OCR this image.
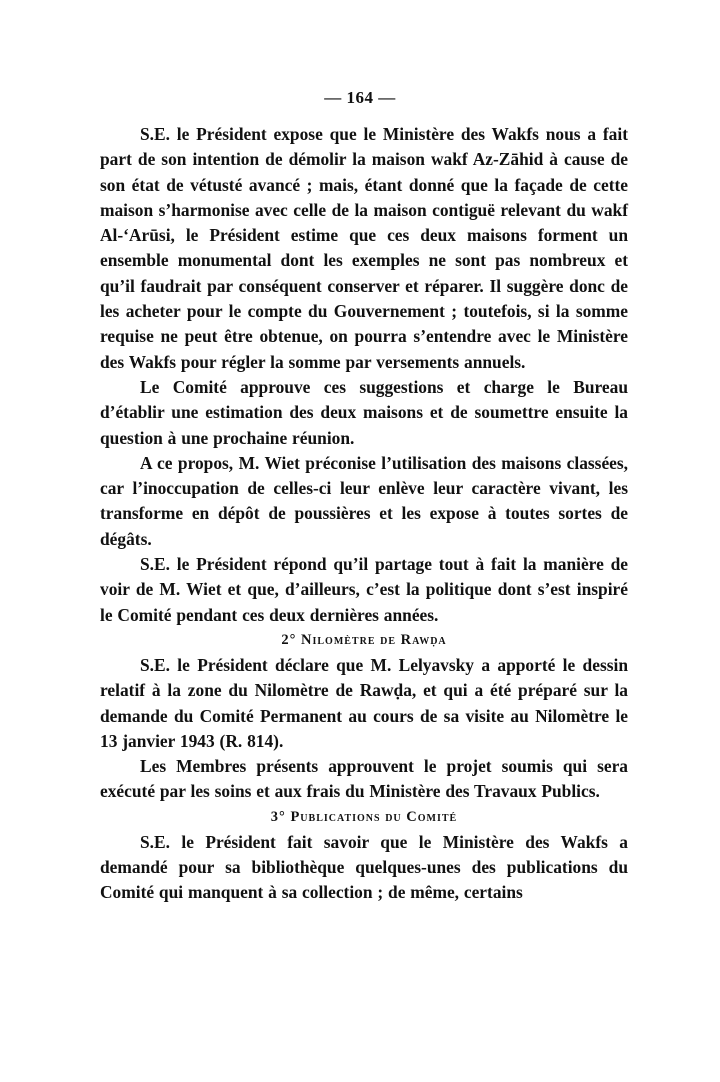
— 164 —

S.E. le Président expose que le Ministère des Wakfs nous a fait part de son intention de démolir la maison wakf Az-Zāhid à cause de son état de vétusté avancé ; mais, étant donné que la façade de cette maison s’harmonise avec celle de la maison contiguë relevant du wakf Al-‘Arūsi, le Président estime que ces deux maisons forment un ensemble monumental dont les exemples ne sont pas nombreux et qu’il faudrait par conséquent conserver et réparer. Il suggère donc de les acheter pour le compte du Gouvernement ; toutefois, si la somme requise ne peut être obtenue, on pourra s’entendre avec le Ministère des Wakfs pour régler la somme par versements annuels.

Le Comité approuve ces suggestions et charge le Bureau d’établir une estimation des deux maisons et de soumettre ensuite la question à une prochaine réunion.

A ce propos, M. Wiet préconise l’utilisation des maisons classées, car l’inoccupation de celles-ci leur enlève leur caractère vivant, les transforme en dépôt de poussières et les expose à toutes sortes de dégâts.

S.E. le Président répond qu’il partage tout à fait la manière de voir de M. Wiet et que, d’ailleurs, c’est la politique dont s’est inspiré le Comité pendant ces deux dernières années.

2° Nilomètre de Rawḍa

S.E. le Président déclare que M. Lelyavsky a apporté le dessin relatif à la zone du Nilomètre de Rawḍa, et qui a été préparé sur la demande du Comité Permanent au cours de sa visite au Nilomètre le 13 janvier 1943 (R. 814).

Les Membres présents approuvent le projet soumis qui sera exécuté par les soins et aux frais du Ministère des Travaux Publics.

3° Publications du Comité

S.E. le Président fait savoir que le Ministère des Wakfs a demandé pour sa bibliothèque quelques-unes des publications du Comité qui manquent à sa collection ; de même, certains
